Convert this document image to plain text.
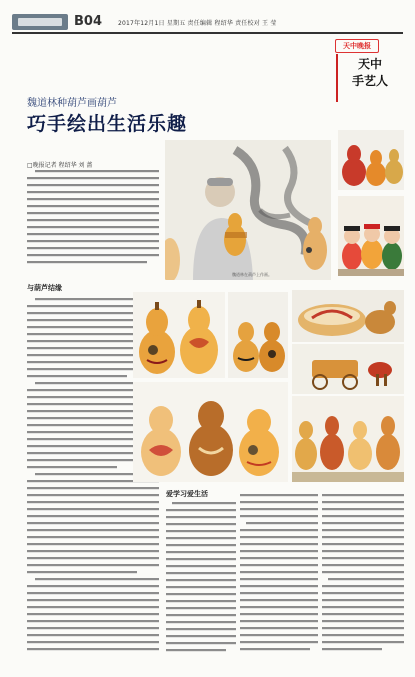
B04	2017年12月1日 星期五 责任编辑 程绍华 责任校对 王 莹
天中晚报
天中
手艺人
魏道林种葫芦画葫芦
巧手绘出生活乐趣
□晚报记者 程绍华 刘 蔷
与葫芦结缘
魏道林在葫芦上作画。
爱学习爱生活
